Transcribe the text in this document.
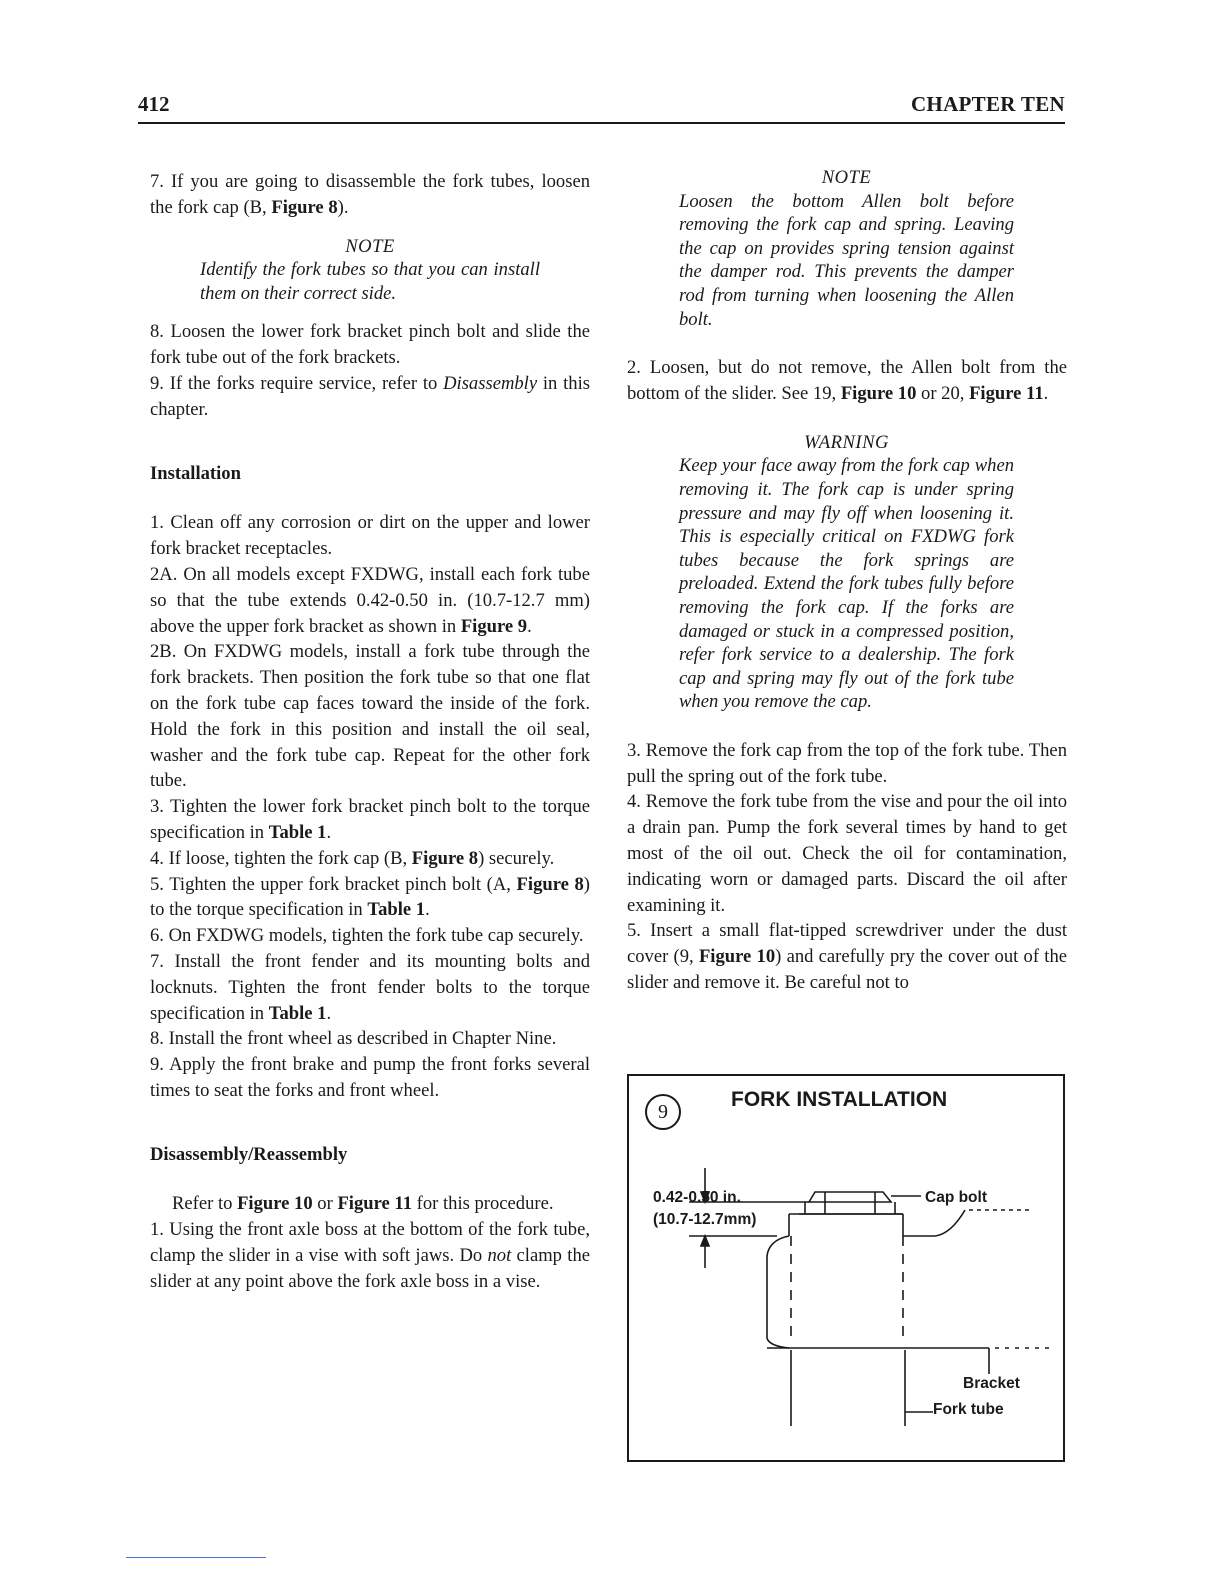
412	CHAPTER TEN

7. If you are going to disassemble the fork tubes, loosen the fork cap (B, Figure 8).

NOTE
Identify the fork tubes so that you can install them on their correct side.

8. Loosen the lower fork bracket pinch bolt and slide the fork tube out of the fork brackets.

9. If the forks require service, refer to Disassembly in this chapter.

Installation

1. Clean off any corrosion or dirt on the upper and lower fork bracket receptacles.

2A. On all models except FXDWG, install each fork tube so that the tube extends 0.42-0.50 in. (10.7-12.7 mm) above the upper fork bracket as shown in Figure 9.

2B. On FXDWG models, install a fork tube through the fork brackets. Then position the fork tube so that one flat on the fork tube cap faces toward the inside of the fork. Hold the fork in this position and install the oil seal, washer and the fork tube cap. Repeat for the other fork tube.

3. Tighten the lower fork bracket pinch bolt to the torque specification in Table 1.

4. If loose, tighten the fork cap (B, Figure 8) securely.

5. Tighten the upper fork bracket pinch bolt (A, Figure 8) to the torque specification in Table 1.

6. On FXDWG models, tighten the fork tube cap securely.

7. Install the front fender and its mounting bolts and locknuts. Tighten the front fender bolts to the torque specification in Table 1.

8. Install the front wheel as described in Chapter Nine.

9. Apply the front brake and pump the front forks several times to seat the forks and front wheel.

Disassembly/Reassembly

Refer to Figure 10 or Figure 11 for this procedure.

1. Using the front axle boss at the bottom of the fork tube, clamp the slider in a vise with soft jaws. Do not clamp the slider at any point above the fork axle boss in a vise.

NOTE
Loosen the bottom Allen bolt before removing the fork cap and spring. Leaving the cap on provides spring tension against the damper rod. This prevents the damper rod from turning when loosening the Allen bolt.

2. Loosen, but do not remove, the Allen bolt from the bottom of the slider. See 19, Figure 10 or 20, Figure 11.

WARNING
Keep your face away from the fork cap when removing it. The fork cap is under spring pressure and may fly off when loosening it. This is especially critical on FXDWG fork tubes because the fork springs are preloaded. Extend the fork tubes fully before removing the fork cap. If the forks are damaged or stuck in a compressed position, refer fork service to a dealership. The fork cap and spring may fly out of the fork tube when you remove the cap.

3. Remove the fork cap from the top of the fork tube. Then pull the spring out of the fork tube.

4. Remove the fork tube from the vise and pour the oil into a drain pan. Pump the fork several times by hand to get most of the oil out. Check the oil for contamination, indicating worn or damaged parts. Discard the oil after examining it.

5. Insert a small flat-tipped screwdriver under the dust cover (9, Figure 10) and carefully pry the cover out of the slider and remove it. Be careful not to

9
FORK INSTALLATION
0.42-0.50 in.
(10.7-12.7mm)
Cap bolt
Bracket
Fork tube
